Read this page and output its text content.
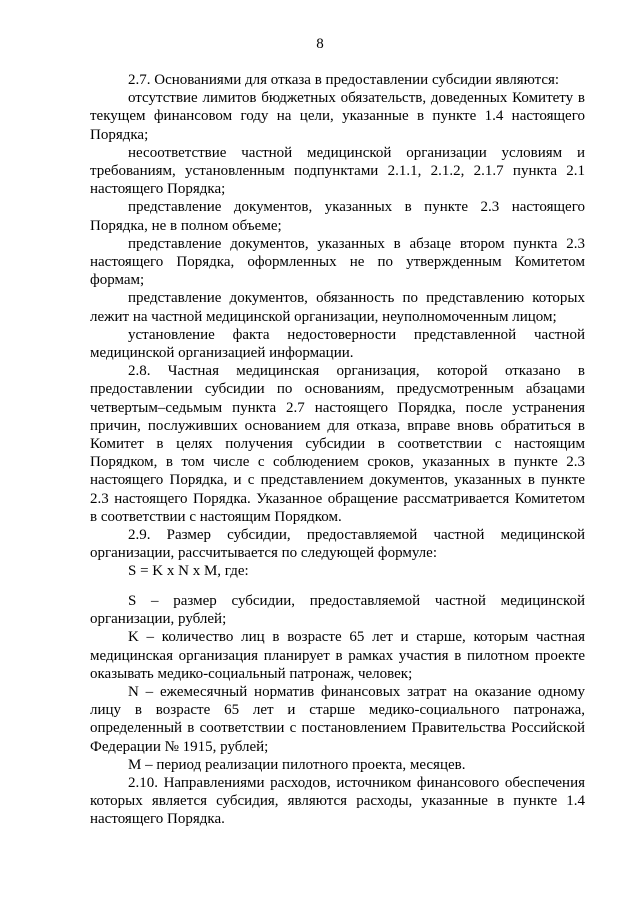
8

2.7. Основаниями для отказа в предоставлении субсидии являются:

отсутствие лимитов бюджетных обязательств, доведенных Комитету в текущем финансовом году на цели, указанные в пункте 1.4 настоящего Порядка;

несоответствие частной медицинской организации условиям и требованиям, установленным подпунктами 2.1.1, 2.1.2, 2.1.7 пункта 2.1 настоящего Порядка;

представление документов, указанных в пункте 2.3 настоящего Порядка, не в полном объеме;

представление документов, указанных в абзаце втором пункта 2.3 настоящего Порядка, оформленных не по утвержденным Комитетом формам;

представление документов, обязанность по представлению которых лежит на частной медицинской организации, неуполномоченным лицом;

установление факта недостоверности представленной частной медицинской организацией информации.

2.8. Частная медицинская организация, которой отказано в предоставлении субсидии по основаниям, предусмотренным абзацами четвертым–седьмым пункта 2.7 настоящего Порядка, после устранения причин, послуживших основанием для отказа, вправе вновь обратиться в Комитет в целях получения субсидии в соответствии с настоящим Порядком, в том числе с соблюдением сроков, указанных в пункте 2.3 настоящего Порядка, и с представлением документов, указанных в пункте 2.3 настоящего Порядка. Указанное обращение рассматривается Комитетом в соответствии с настоящим Порядком.

2.9. Размер субсидии, предоставляемой частной медицинской организации, рассчитывается по следующей формуле:

S = K x N x M, где:

S – размер субсидии, предоставляемой частной медицинской организации, рублей;

K – количество лиц в возрасте 65 лет и старше, которым частная медицинская организация планирует в рамках участия в пилотном проекте оказывать медико-социальный патронаж, человек;

N – ежемесячный норматив финансовых затрат на оказание одному лицу в возрасте 65 лет и старше медико-социального патронажа, определенный в соответствии с постановлением Правительства Российской Федерации № 1915, рублей;

M – период реализации пилотного проекта, месяцев.

2.10. Направлениями расходов, источником финансового обеспечения которых является субсидия, являются расходы, указанные в пункте 1.4 настоящего Порядка.
